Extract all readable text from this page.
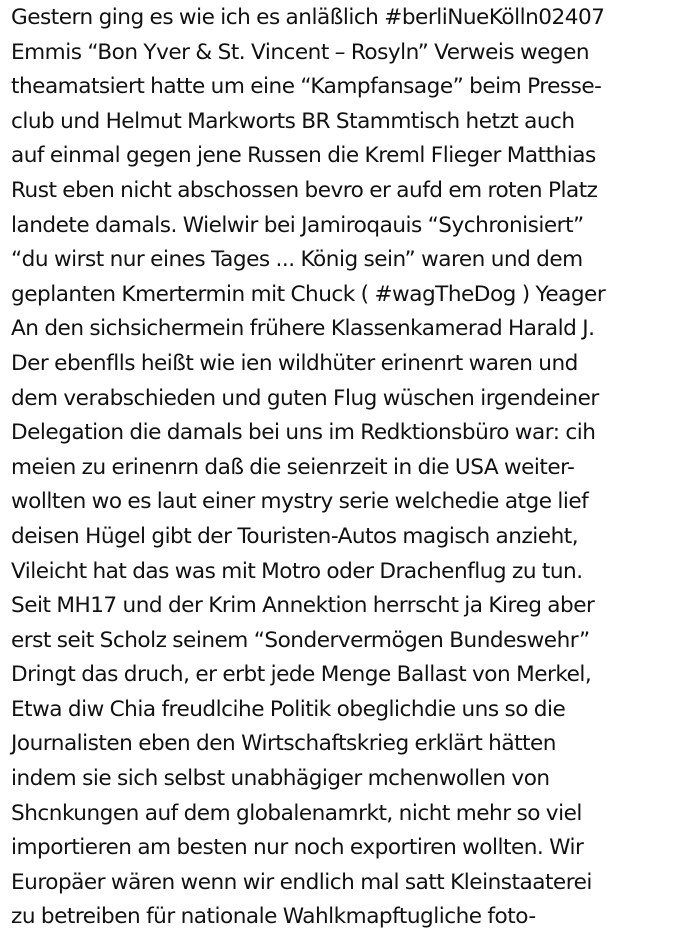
Gestern ging es wie ich es anläßlich #berliNueKölln02407
Emmis “Bon Yver & St. Vincent – Rosyln” Verweis wegen
theamatsiert hatte um eine “Kampfansage” beim Presse-
club und Helmut Markworts BR Stammtisch hetzt auch
auf einmal gegen jene Russen die Kreml Flieger Matthias
Rust eben nicht abschossen bevro er aufd em roten Platz
landete damals. Wielwir bei Jamiroqauis “Sychronisiert”
“du wirst nur eines Tages ... König sein” waren und dem
geplanten Kmertermin mit Chuck ( #wagTheDog ) Yeager
An den sichsichermein frühere Klassenkamerad Harald J.
Der ebenflls heißt wie ien wildhüter erinenrt waren und
dem verabschieden und guten Flug wüschen irgendeiner
Delegation die damals bei uns im Redktionsbüro war: cih
meien zu erinenrn daß die seienrzeit in die USA weiter-
wollten wo es laut einer mystry serie welchedie atge lief
deisen Hügel gibt der Touristen-Autos magisch anzieht,
Vileicht hat das was mit Motro oder Drachenflug zu tun.
Seit MH17 und der Krim Annektion herrscht ja Kireg aber
erst seit Scholz seinem “Sondervermögen Bundeswehr”
Dringt das druch, er erbt jede Menge Ballast von Merkel,
Etwa diw Chia freudlcihe Politik obeglichdie uns so die
Journalisten eben den Wirtschaftskrieg erklärt hätten
indem sie sich selbst unabhägiger mchenwollen von
Shcnkungen auf dem globalenamrkt, nicht mehr so viel
importieren am besten nur noch exportiren wollten. Wir
Europäer wären wenn wir endlich mal satt Kleinstaaterei
zu betreiben für nationale Wahlkmapftugliche foto-
